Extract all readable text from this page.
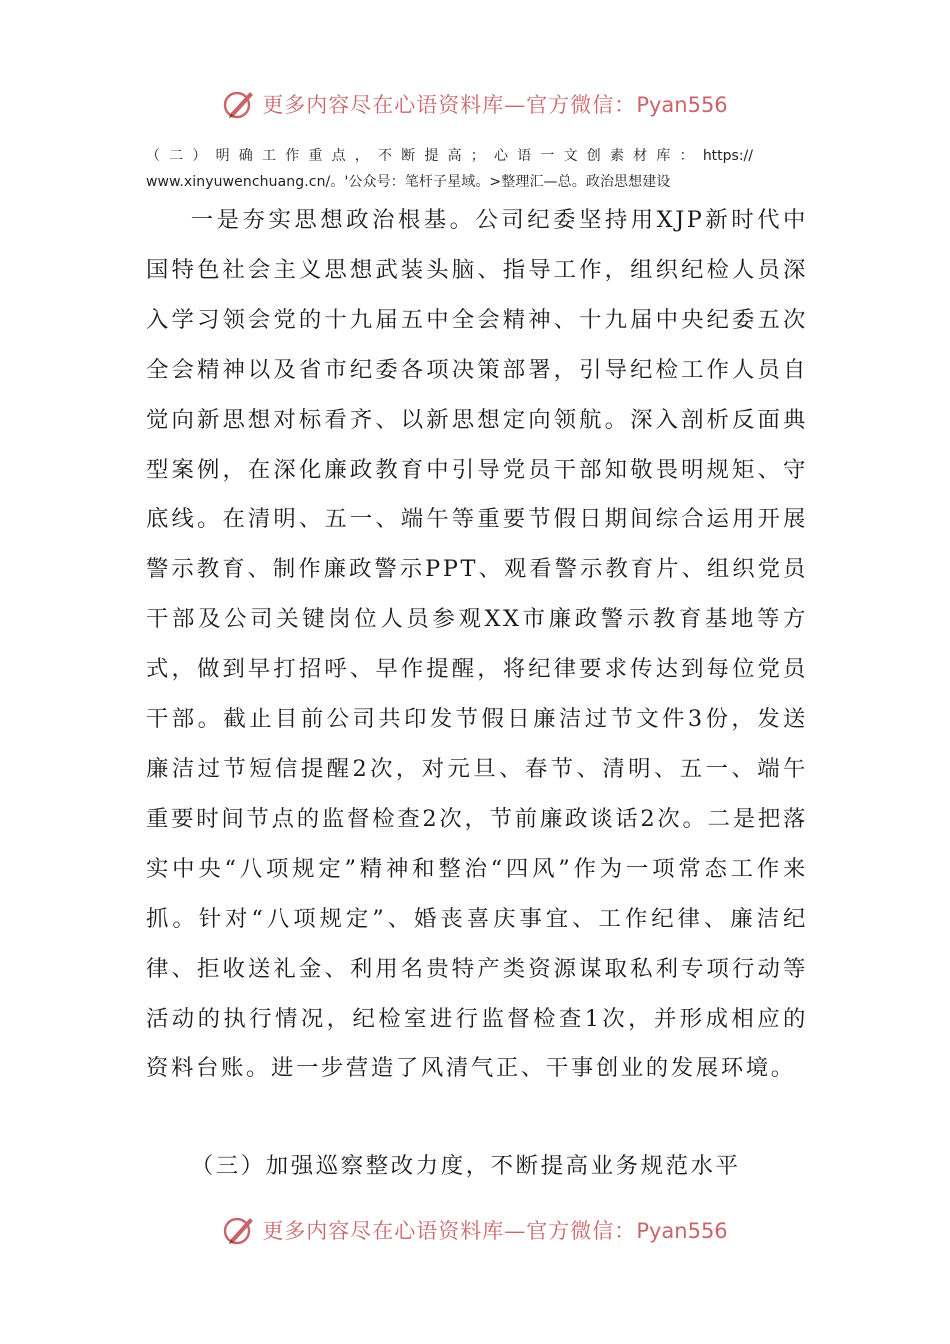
更多内容尽在心语资料库—官方微信：Pyan556
（二）明确工作重点，不断提高；心语一文创素材库：https://
www.xinyuwenchuang.cn/。'公众号：笔杆子星域。>整理汇—总。政治思想建设

一是夯实思想政治根基。公司纪委坚持用XJP新时代中国特色社会主义思想武装头脑、指导工作，组织纪检人员深入学习领会党的十九届五中全会精神、十九届中央纪委五次全会精神以及省市纪委各项决策部署，引导纪检工作人员自觉向新思想对标看齐、以新思想定向领航。深入剖析反面典型案例，在深化廉政教育中引导党员干部知敬畏明规矩、守底线。在清明、五一、端午等重要节假日期间综合运用开展警示教育、制作廉政警示PPT、观看警示教育片、组织党员干部及公司关键岗位人员参观XX市廉政警示教育基地等方式，做到早打招呼、早作提醒，将纪律要求传达到每位党员干部。截止目前公司共印发节假日廉洁过节文件3份，发送廉洁过节短信提醒2次，对元旦、春节、清明、五一、端午重要时间节点的监督检查2次，节前廉政谈话2次。二是把落实中央“八项规定”精神和整治“四风”作为一项常态工作来抓。针对“八项规定”、婚丧喜庆事宜、工作纪律、廉洁纪律、拒收送礼金、利用名贵特产类资源谋取私利专项行动等活动的执行情况，纪检室进行监督检查1次，并形成相应的资料台账。进一步营造了风清气正、干事创业的发展环境。

（三）加强巡察整改力度，不断提高业务规范水平
更多内容尽在心语资料库—官方微信：Pyan556
